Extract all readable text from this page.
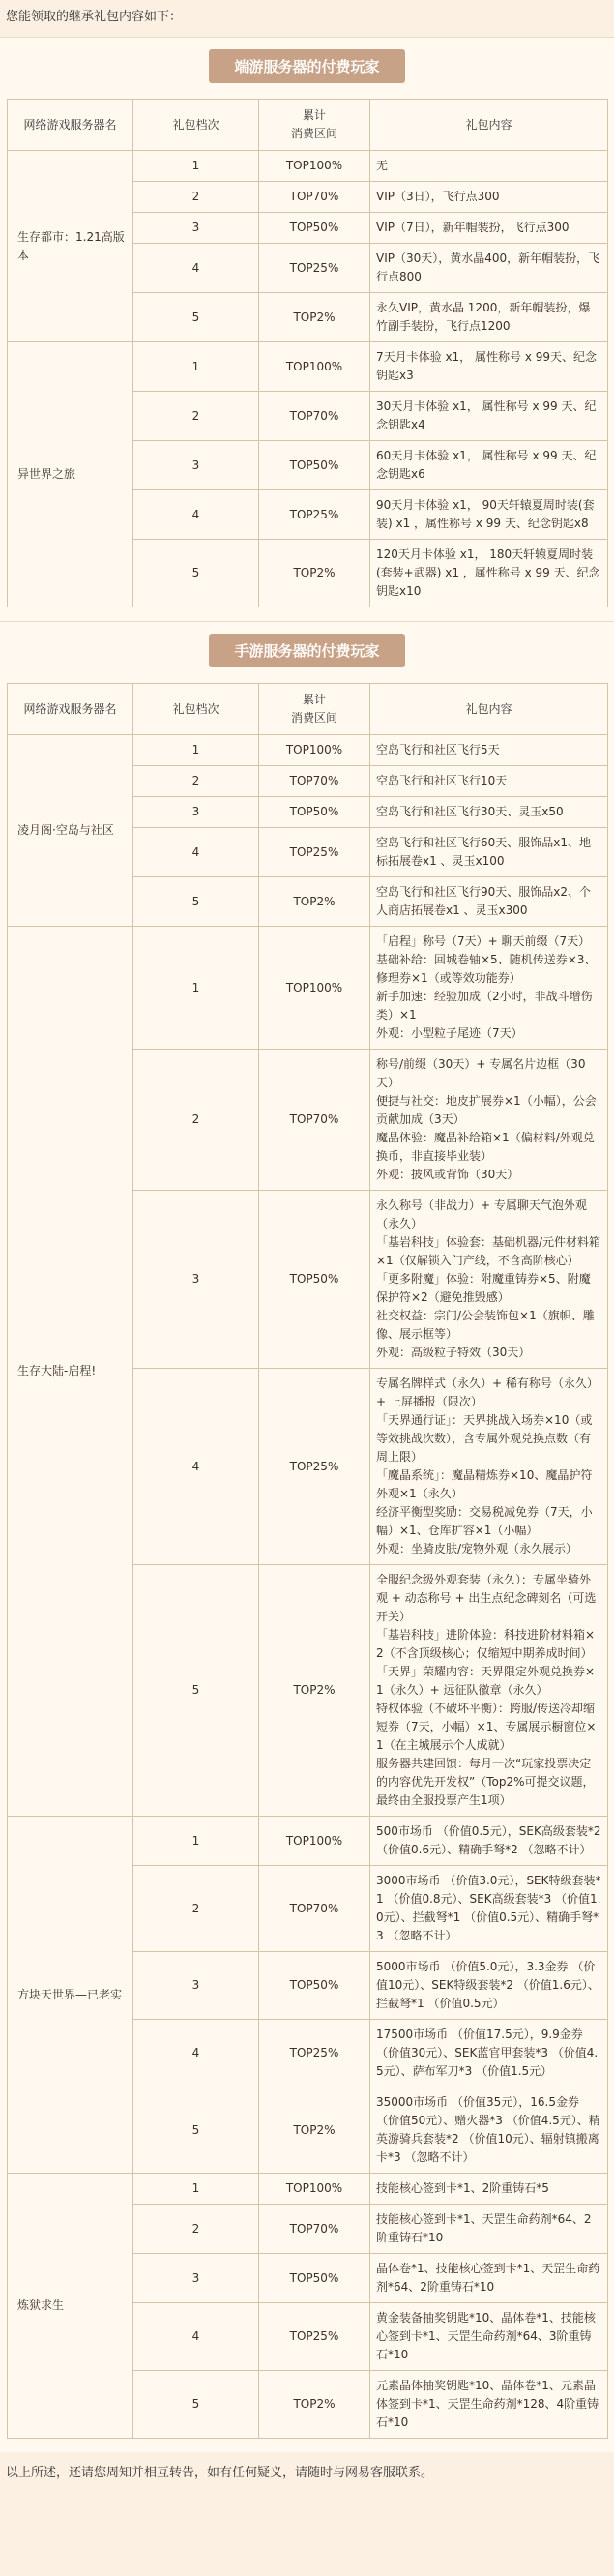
您能领取的继承礼包内容如下：
端游服务器的付费玩家
网络游戏服务器名	礼包档次	累计
消费区间	礼包内容
生存都市：1.21高版本	1	TOP100%	无
	2	TOP70%	VIP（3日），飞行点300
	3	TOP50%	VIP（7日），新年帽装扮，飞行点300
	4	TOP25%	VIP（30天），黄水晶400，新年帽装扮，飞行点800
	5	TOP2%	永久VIP，黄水晶 1200，新年帽装扮，爆竹副手装扮，飞行点1200
异世界之旅	1	TOP100%	7天月卡体验 x1， 属性称号 x 99天、纪念钥匙x3
	2	TOP70%	30天月卡体验 x1， 属性称号 x 99 天、纪念钥匙x4
	3	TOP50%	60天月卡体验 x1， 属性称号 x 99 天、纪念钥匙x6
	4	TOP25%	90天月卡体验 x1， 90天轩辕夏周时装(套装) x1 ，属性称号 x 99 天、纪念钥匙x8
	5	TOP2%	120天月卡体验 x1， 180天轩辕夏周时装(套装+武器) x1 ，属性称号 x 99 天、纪念钥匙x10
手游服务器的付费玩家
网络游戏服务器名	礼包档次	累计
消费区间	礼包内容
凌月阁·空岛与社区	1	TOP100%	空岛飞行和社区飞行5天
	2	TOP70%	空岛飞行和社区飞行10天
	3	TOP50%	空岛飞行和社区飞行30天、灵玉x50
	4	TOP25%	空岛飞行和社区飞行60天、服饰品x1、地标拓展卷x1 、灵玉x100
	5	TOP2%	空岛飞行和社区飞行90天、服饰品x2、个人商店拓展卷x1 、灵玉x300
生存大陆-启程!	1	TOP100%	「启程」称号（7天）+ 聊天前缀（7天）
基础补给：回城卷轴×5、随机传送券×3、修理券×1（或等效功能券）
新手加速：经验加成（2小时，非战斗增伤类）×1
外观：小型粒子尾迹（7天）
	2	TOP70%	称号/前缀（30天）+ 专属名片边框（30天）
便捷与社交：地皮扩展券×1（小幅），公会贡献加成（3天）
魔晶体验：魔晶补给箱×1（偏材料/外观兑换币，非直接毕业装）
外观：披风或背饰（30天）
	3	TOP50%	永久称号（非战力）+ 专属聊天气泡外观（永久）
「基岩科技」体验套：基础机器/元件材料箱×1（仅解锁入门产线，不含高阶核心）
「更多附魔」体验：附魔重铸券×5、附魔保护符×2（避免推毁感）
社交权益：宗门/公会装饰包×1（旗帜、雕像、展示框等）
外观：高级粒子特效（30天）
	4	TOP25%	专属名牌样式（永久）+ 稀有称号（永久）+ 上屏播报（限次）
「天界通行证」：天界挑战入场券×10（或等效挑战次数），含专属外观兑换点数（有周上限）
「魔晶系统」：魔晶精炼券×10、魔晶护符外观×1（永久）
经济平衡型奖励：交易税减免券（7天，小幅）×1、仓库扩容×1（小幅）
外观：坐骑皮肤/宠物外观（永久展示）
	5	TOP2%	全服纪念级外观套装（永久）：专属坐骑外观 + 动态称号 + 出生点纪念碑刻名（可选开关）
「基岩科技」进阶体验：科技进阶材料箱×2（不含顶级核心；仅缩短中期养成时间）
「天界」荣耀内容：天界限定外观兑换券×1（永久）+ 远征队徽章（永久）
特权体验（不破坏平衡）：跨服/传送冷却缩短券（7天，小幅）×1、专属展示橱窗位×1（在主城展示个人成就）
服务器共建回馈：每月一次“玩家投票决定的内容优先开发权”（Top2%可提交议题，最终由全服投票产生1项）
方块天世界—已老实	1	TOP100%	500市场币 （价值0.5元），SEK高级套装*2 （价值0.6元）、精确手弩*2 （忽略不计）
	2	TOP70%	3000市场币 （价值3.0元），SEK特级套装*1 （价值0.8元）、SEK高级套装*3 （价值1.0元）、拦截弩*1 （价值0.5元）、精确手弩*3 （忽略不计）
	3	TOP50%	5000市场币 （价值5.0元），3.3金券 （价值10元）、SEK特级套装*2 （价值1.6元）、拦截弩*1 （价值0.5元）
	4	TOP25%	17500市场币 （价值17.5元），9.9金券 （价值30元）、SEK蓝官甲套装*3 （价值4.5元）、萨布军刀*3 （价值1.5元）
	5	TOP2%	35000市场币 （价值35元），16.5金券 （价值50元）、赠火器*3 （价值4.5元）、精英游骑兵套装*2 （价值10元）、辐射镇搬离卡*3 （忽略不计）
炼狱求生	1	TOP100%	技能核心签到卡*1、2阶重铸石*5
	2	TOP70%	技能核心签到卡*1、天罡生命药剂*64、2阶重铸石*10
	3	TOP50%	晶体卷*1、技能核心签到卡*1、天罡生命药剂*64、2阶重铸石*10
	4	TOP25%	黄金装备抽奖钥匙*10、晶体卷*1、技能核心签到卡*1、天罡生命药剂*64、3阶重铸石*10
	5	TOP2%	元素晶体抽奖钥匙*10、晶体卷*1、元素晶体签到卡*1、天罡生命药剂*128、4阶重铸石*10
以上所述，还请您周知并相互转告，如有任何疑义，请随时与网易客服联系。
